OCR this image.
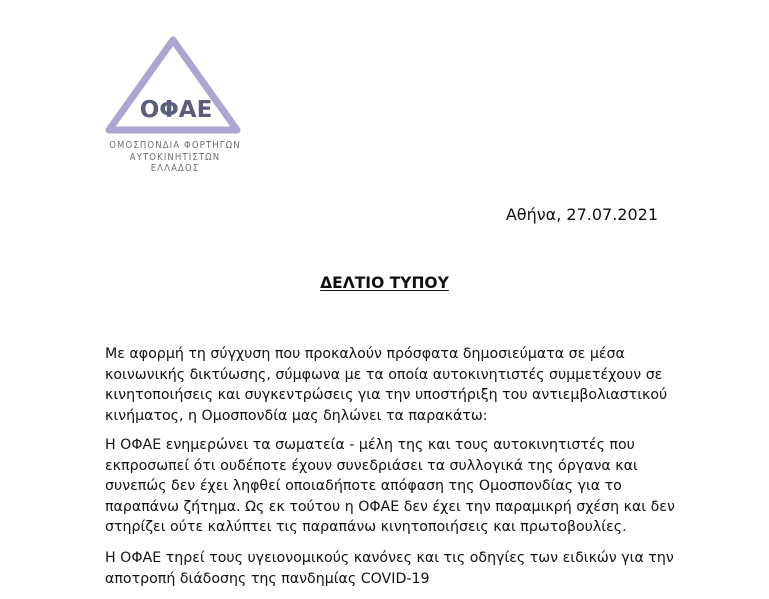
ΟΦΑΕ
ΟΜΟΣΠΟΝΔΙΑ ΦΟΡΤΗΓΩΝ
ΑΥΤΟΚΙΝΗΤΙΣΤΩΝ ΕΛΛΑΔΟΣ
Αθήνα, 27.07.2021
ΔΕΛΤΙΟ ΤΥΠΟΥ

Με αφορμή τη σύγχυση που προκαλούν πρόσφατα δημοσιεύματα σε μέσα
κοινωνικής δικτύωσης, σύμφωνα με τα οποία αυτοκινητιστές συμμετέχουν σε
κινητοποιήσεις και συγκεντρώσεις για την υποστήριξη του αντιεμβολιαστικού
κινήματος, η Ομοσπονδία μας δηλώνει τα παρακάτω:

Η ΟΦΑΕ ενημερώνει τα σωματεία - μέλη της και τους αυτοκινητιστές που
εκπροσωπεί ότι ουδέποτε έχουν συνεδριάσει τα συλλογικά της όργανα και
συνεπώς δεν έχει ληφθεί οποιαδήποτε απόφαση της Ομοσπονδίας για το
παραπάνω ζήτημα. Ως εκ τούτου η ΟΦΑΕ δεν έχει την παραμικρή σχέση και δεν
στηρίζει ούτε καλύπτει τις παραπάνω κινητοποιήσεις και πρωτοβουλίες.

Η ΟΦΑΕ τηρεί τους υγειονομικούς κανόνες και τις οδηγίες των ειδικών για την
αποτροπή διάδοσης της πανδημίας COVID-19
